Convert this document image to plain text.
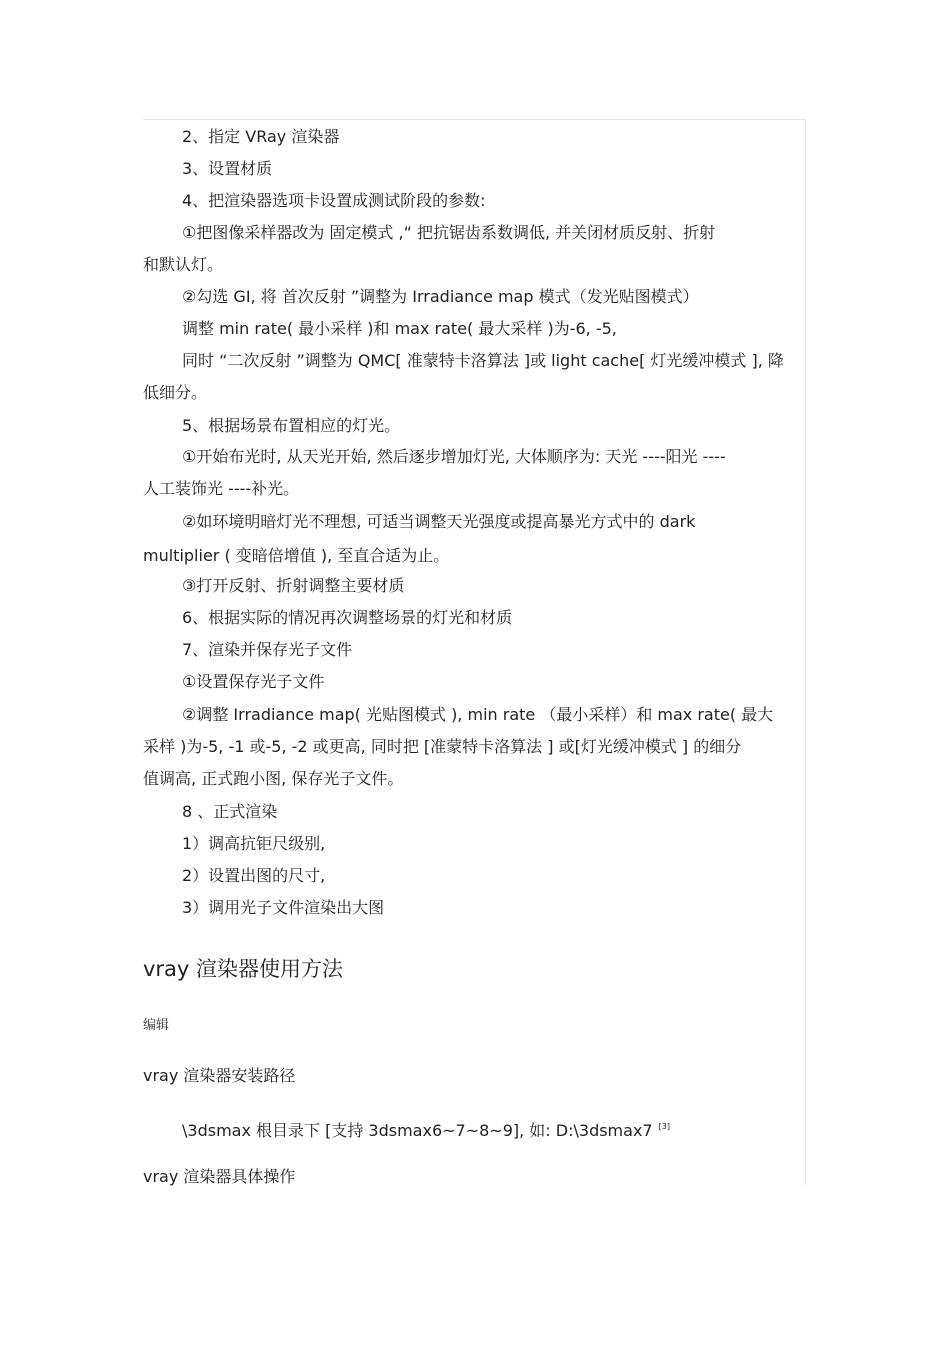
2、指定 VRay 渲染器
3、设置材质
4、把渲染器选项卡设置成测试阶段的参数:
①把图像采样器改为 固定模式 ,“ 把抗锯齿系数调低, 并关闭材质反射、折射
和默认灯。
②勾选 GI, 将 首次反射 ”调整为 Irradiance map 模式（发光贴图模式）
调整 min rate( 最小采样 )和 max rate( 最大采样 )为-6, -5,
同时 “二次反射 ”调整为 QMC[ 准蒙特卡洛算法 ]或 light cache[ 灯光缓冲模式 ], 降
低细分。
5、根据场景布置相应的灯光。
①开始布光时, 从天光开始, 然后逐步增加灯光, 大体顺序为: 天光 ----阳光 ----
人工装饰光 ----补光。
②如环境明暗灯光不理想, 可适当调整天光强度或提高暴光方式中的 dark
multiplier ( 变暗倍增值 ), 至直合适为止。
③打开反射、折射调整主要材质
6、根据实际的情况再次调整场景的灯光和材质
7、渲染并保存光子文件
①设置保存光子文件
②调整 Irradiance map( 光贴图模式 ), min rate （最小采样）和 max rate( 最大
采样 )为-5, -1 或-5, -2 或更高, 同时把 [准蒙特卡洛算法 ] 或[灯光缓冲模式 ] 的细分
值调高, 正式跑小图, 保存光子文件。
8 、正式渲染
1）调高抗钜尺级别,
2）设置出图的尺寸,
3）调用光子文件渲染出大图
vray 渲染器使用方法
编辑
vray 渲染器安装路径
\3dsmax 根目录下 [支持 3dsmax6~7~8~9], 如: D:\3dsmax7 [3]
vray 渲染器具体操作
